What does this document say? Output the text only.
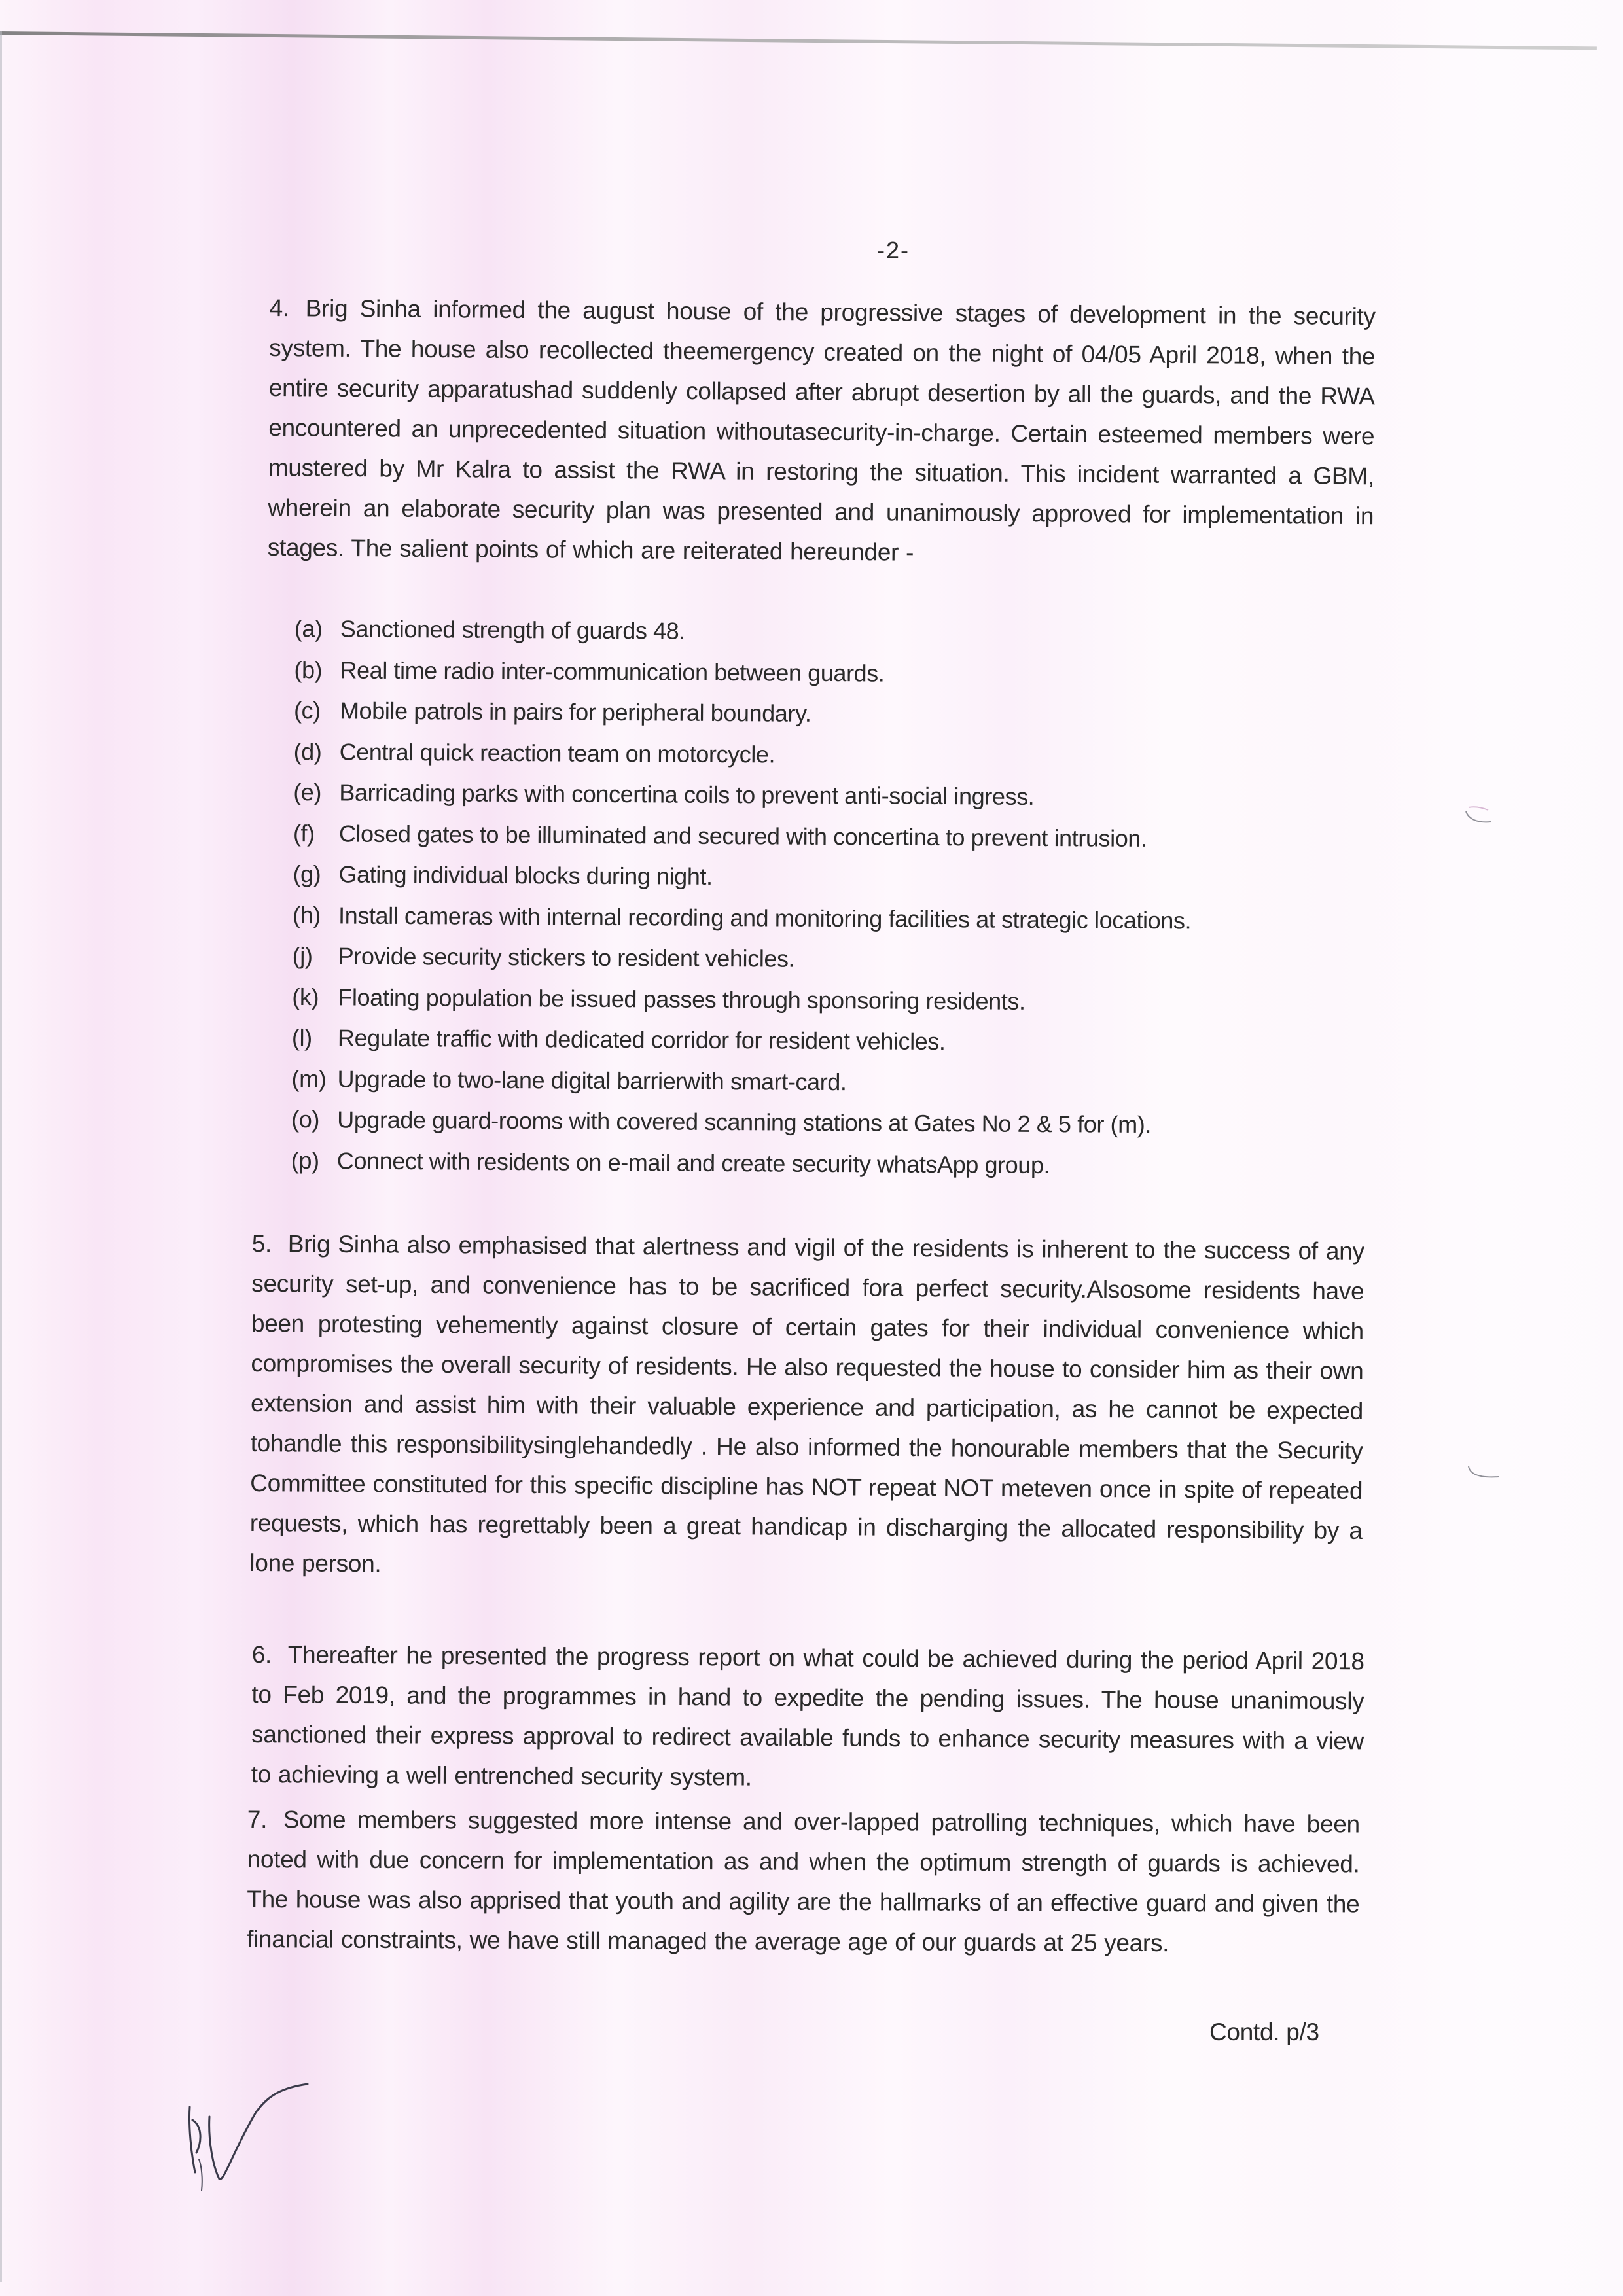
-2-
4. Brig Sinha informed the august house of the progressive stages of development in the security system. The house also recollected theemergency created on the night of 04/05 April 2018, when the entire security apparatushad suddenly collapsed after abrupt desertion by all the guards, and the RWA encountered an unprecedented situation withoutasecurity-in-charge. Certain esteemed members were mustered by Mr Kalra to assist the RWA in restoring the situation. This incident warranted a GBM, wherein an elaborate security plan was presented and unanimously approved for implementation in stages. The salient points of which are reiterated hereunder -
(a) Sanctioned strength of guards 48.
(b) Real time radio inter-communication between guards.
(c) Mobile patrols in pairs for peripheral boundary.
(d) Central quick reaction team on motorcycle.
(e) Barricading parks with concertina coils to prevent anti-social ingress.
(f)	Closed gates to be illuminated and secured with concertina to prevent intrusion.
(g) Gating individual blocks during night.
(h) Install cameras with internal recording and monitoring facilities at strategic locations.
(j)	Provide security stickers to resident vehicles.
(k) Floating population be issued passes through sponsoring residents.
(l)	Regulate traffic with dedicated corridor for resident vehicles.
(m) Upgrade to two-lane digital barrierwith smart-card.
(o) Upgrade guard-rooms with covered scanning stations at Gates No 2 & 5 for (m).
(p) Connect with residents on e-mail and create security whatsApp group.
5. Brig Sinha also emphasised that alertness and vigil of the residents is inherent to the success of any security set-up, and convenience has to be sacrificed fora perfect security.Alsosome residents have been protesting vehemently against closure of certain gates for their individual convenience which compromises the overall security of residents. He also requested the house to consider him as their own extension and assist him with their valuable experience and participation, as he cannot be expected tohandle this responsibilitysinglehandedly . He also informed the honourable members that the Security Committee constituted for this specific discipline has NOT repeat NOT meteven once in spite of repeated requests, which has regrettably been a great handicap in discharging the allocated responsibility by a lone person.
6. Thereafter he presented the progress report on what could be achieved during the period April 2018 to Feb 2019, and the programmes in hand to expedite the pending issues. The house unanimously sanctioned their express approval to redirect available funds to enhance security measures with a view to achieving a well entrenched security system.
7. Some members suggested more intense and over-lapped patrolling techniques, which have been noted with due concern for implementation as and when the optimum strength of guards is achieved. The house was also apprised that youth and agility are the hallmarks of an effective guard and given the financial constraints, we have still managed the average age of our guards at 25 years.
Contd. p/3
